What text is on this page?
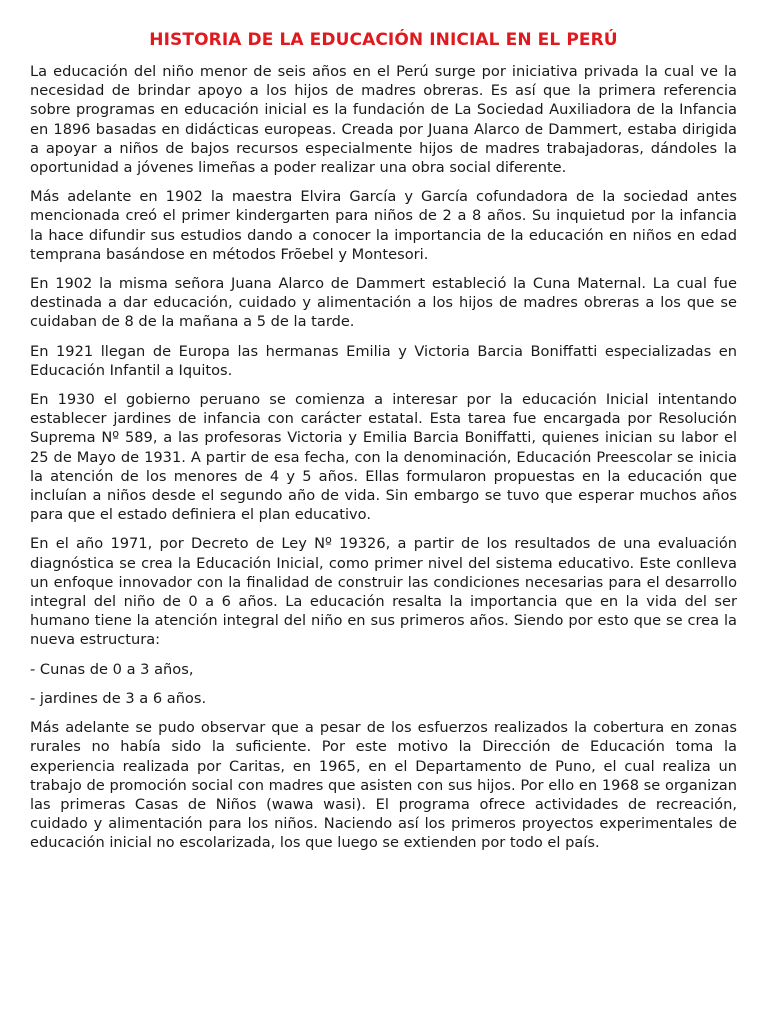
HISTORIA DE LA EDUCACIÓN INICIAL EN EL PERÚ

La educación del niño menor de seis años en el Perú surge por iniciativa privada la cual ve la necesidad de brindar apoyo a los hijos de madres obreras. Es así que la primera referencia sobre programas en educación inicial es la fundación de La Sociedad Auxiliadora de la Infancia en 1896 basadas en didácticas europeas. Creada por Juana Alarco de Dammert, estaba dirigida a apoyar a niños de bajos recursos especialmente hijos de madres trabajadoras, dándoles la oportunidad a jóvenes limeñas a poder realizar una obra social diferente.

Más adelante en 1902 la maestra Elvira García y García cofundadora de la sociedad antes mencionada creó el primer kindergarten para niños de 2 a 8 años. Su inquietud por la infancia la hace difundir sus estudios dando a conocer la importancia de la educación en niños en edad temprana basándose en métodos Frõebel y Montesori.

En 1902 la misma señora Juana Alarco de Dammert estableció la Cuna Maternal. La cual fue destinada a dar educación, cuidado y alimentación a los hijos de madres obreras a los que se cuidaban de 8 de la mañana a 5 de la tarde.

En 1921 llegan de Europa las hermanas Emilia y Victoria Barcia Boniffatti especializadas en Educación Infantil a Iquitos.

En 1930 el gobierno peruano se comienza a interesar por la educación Inicial intentando establecer jardines de infancia con carácter estatal. Esta tarea fue encargada por Resolución Suprema Nº 589, a las profesoras Victoria y Emilia Barcia Boniffatti, quienes inician su labor el 25 de Mayo de 1931. A partir de esa fecha, con la denominación, Educación Preescolar se inicia la atención de los menores de 4 y 5 años. Ellas formularon propuestas en la educación que incluían a niños desde el segundo año de vida. Sin embargo se tuvo que esperar muchos años para que el estado definiera el plan educativo.

En el año 1971, por Decreto de Ley Nº 19326, a partir de los resultados de una evaluación diagnóstica se crea la Educación Inicial, como primer nivel del sistema educativo. Este conlleva un enfoque innovador con la finalidad de construir las condiciones necesarias para el desarrollo integral del niño de 0 a 6 años. La educación resalta la importancia que en la vida del ser humano tiene la atención integral del niño en sus primeros años. Siendo por esto que se crea la nueva estructura:

- Cunas de 0 a 3 años,

- jardines de 3 a 6 años.

Más adelante se pudo observar que a pesar de los esfuerzos realizados la cobertura en zonas rurales no había sido la suficiente. Por este motivo la Dirección de Educación toma la experiencia realizada por Caritas, en 1965, en el Departamento de Puno, el cual realiza un trabajo de promoción social con madres que asisten con sus hijos. Por ello en 1968 se organizan las primeras Casas de Niños (wawa wasi). El programa ofrece actividades de recreación, cuidado y alimentación para los niños. Naciendo así los primeros proyectos experimentales de educación inicial no escolarizada, los que luego se extienden por todo el país.
